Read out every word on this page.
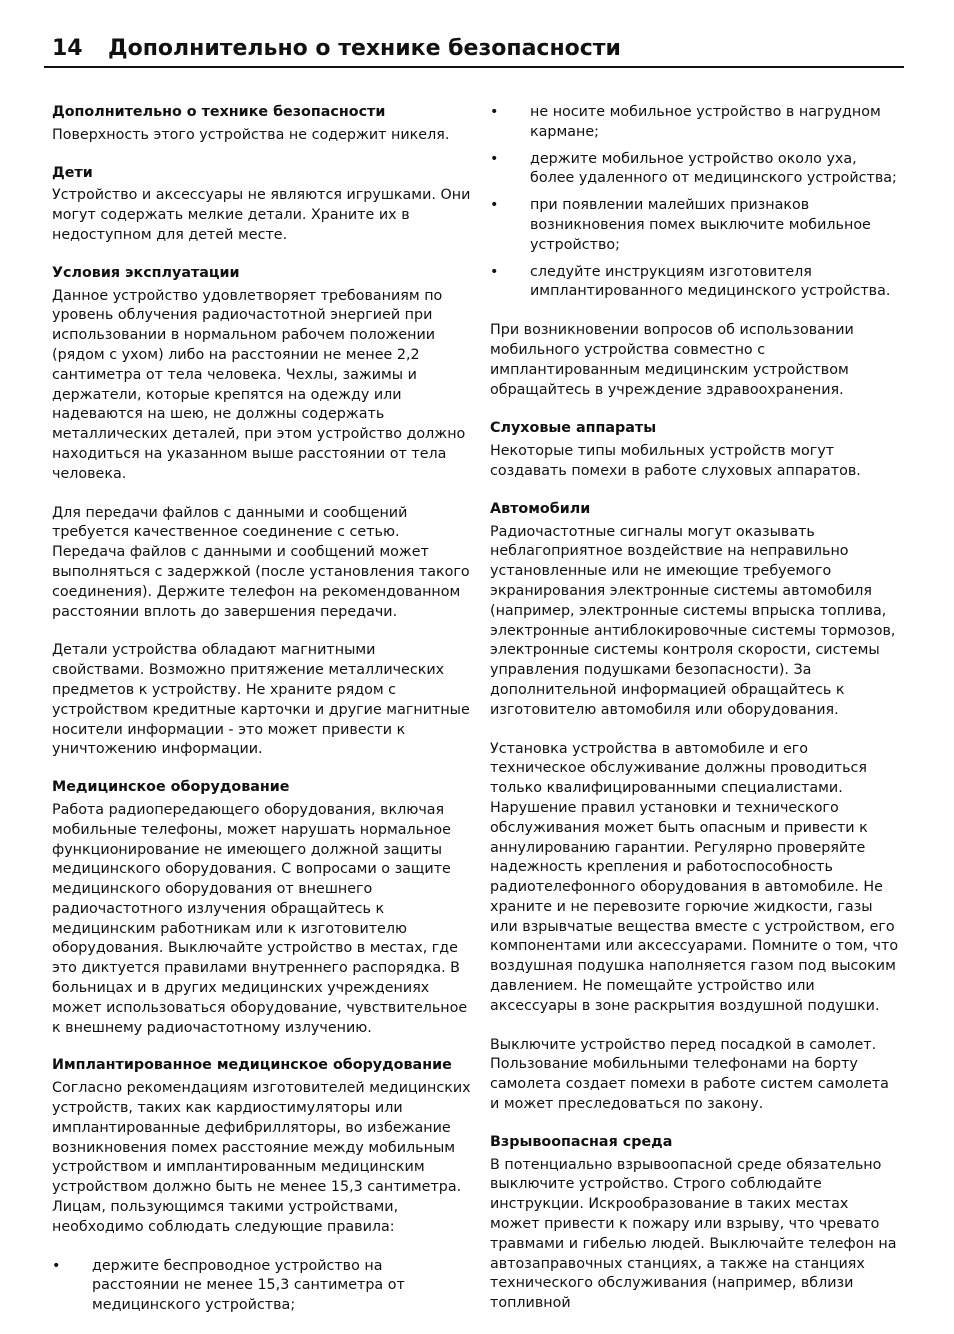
14 Дополнительно о технике безопасности
Дополнительно о технике безопасности

Поверхность этого устройства не содержит никеля.

Дети

Устройство и аксессуары не являются игрушками. Они могут содержать мелкие детали. Храните их в недоступном для детей месте.

Условия эксплуатации

Данное устройство удовлетворяет требованиям по уровень облучения радиочастотной энергией при использовании в нормальном рабочем положении (рядом с ухом) либо на расстоянии не менее 2,2 сантиметра от тела человека. Чехлы, зажимы и держатели, которые крепятся на одежду или надеваются на шею, не должны содержать металлических деталей, при этом устройство должно находиться на указанном выше расстоянии от тела человека.

Для передачи файлов с данными и сообщений требуется качественное соединение с сетью. Передача файлов с данными и сообщений может выполняться с задержкой (после установления такого соединения). Держите телефон на рекомендованном расстоянии вплоть до завершения передачи.

Детали устройства обладают магнитными свойствами. Возможно притяжение металлических предметов к устройству. Не храните рядом с устройством кредитные карточки и другие магнитные носители информации - это может привести к уничтожению информации.

Медицинское оборудование

Работа радиопередающего оборудования, включая мобильные телефоны, может нарушать нормальное функционирование не имеющего должной защиты медицинского оборудования. С вопросами о защите медицинского оборудования от внешнего радиочастотного излучения обращайтесь к медицинским работникам или к изготовителю оборудования. Выключайте устройство в местах, где это диктуется правилами внутреннего распорядка. В больницах и в других медицинских учреждениях может использоваться оборудование, чувствительное к внешнему радиочастотному излучению.

Имплантированное медицинское оборудование

Согласно рекомендациям изготовителей медицинских устройств, таких как кардиостимуляторы или имплантированные дефибрилляторы, во избежание возникновения помех расстояние между мобильным устройством и имплантированным медицинским устройством должно быть не менее 15,3 сантиметра. Лицам, пользующимся такими устройствами, необходимо соблюдать следующие правила:

• держите беспроводное устройство на расстоянии не менее 15,3 сантиметра от медицинского устройства;
• не носите мобильное устройство в нагрудном кармане;
• держите мобильное устройство около уха, более удаленного от медицинского устройства;
• при появлении малейших признаков возникновения помех выключите мобильное устройство;
• следуйте инструкциям изготовителя имплантированного медицинского устройства.

При возникновении вопросов об использовании мобильного устройства совместно с имплантированным медицинским устройством обращайтесь в учреждение здравоохранения.

Слуховые аппараты

Некоторые типы мобильных устройств могут создавать помехи в работе слуховых аппаратов.

Автомобили

Радиочастотные сигналы могут оказывать неблагоприятное воздействие на неправильно установленные или не имеющие требуемого экранирования электронные системы автомобиля (например, электронные системы впрыска топлива, электронные антиблокировочные системы тормозов, электронные системы контроля скорости, системы управления подушками безопасности). За дополнительной информацией обращайтесь к изготовителю автомобиля или оборудования.

Установка устройства в автомобиле и его техническое обслуживание должны проводиться только квалифицированными специалистами. Нарушение правил установки и технического обслуживания может быть опасным и привести к аннулированию гарантии. Регулярно проверяйте надежность крепления и работоспособность радиотелефонного оборудования в автомобиле. Не храните и не перевозите горючие жидкости, газы или взрывчатые вещества вместе с устройством, его компонентами или аксессуарами. Помните о том, что воздушная подушка наполняется газом под высоким давлением. Не помещайте устройство или аксессуары в зоне раскрытия воздушной подушки.

Выключите устройство перед посадкой в самолет. Пользование мобильными телефонами на борту самолета создает помехи в работе систем самолета и может преследоваться по закону.

Взрывоопасная среда

В потенциально взрывоопасной среде обязательно выключите устройство. Строго соблюдайте инструкции. Искрообразование в таких местах может привести к пожару или взрыву, что чревато травмами и гибелью людей. Выключайте телефон на автозаправочных станциях, а также на станциях технического обслуживания (например, вблизи топливной
